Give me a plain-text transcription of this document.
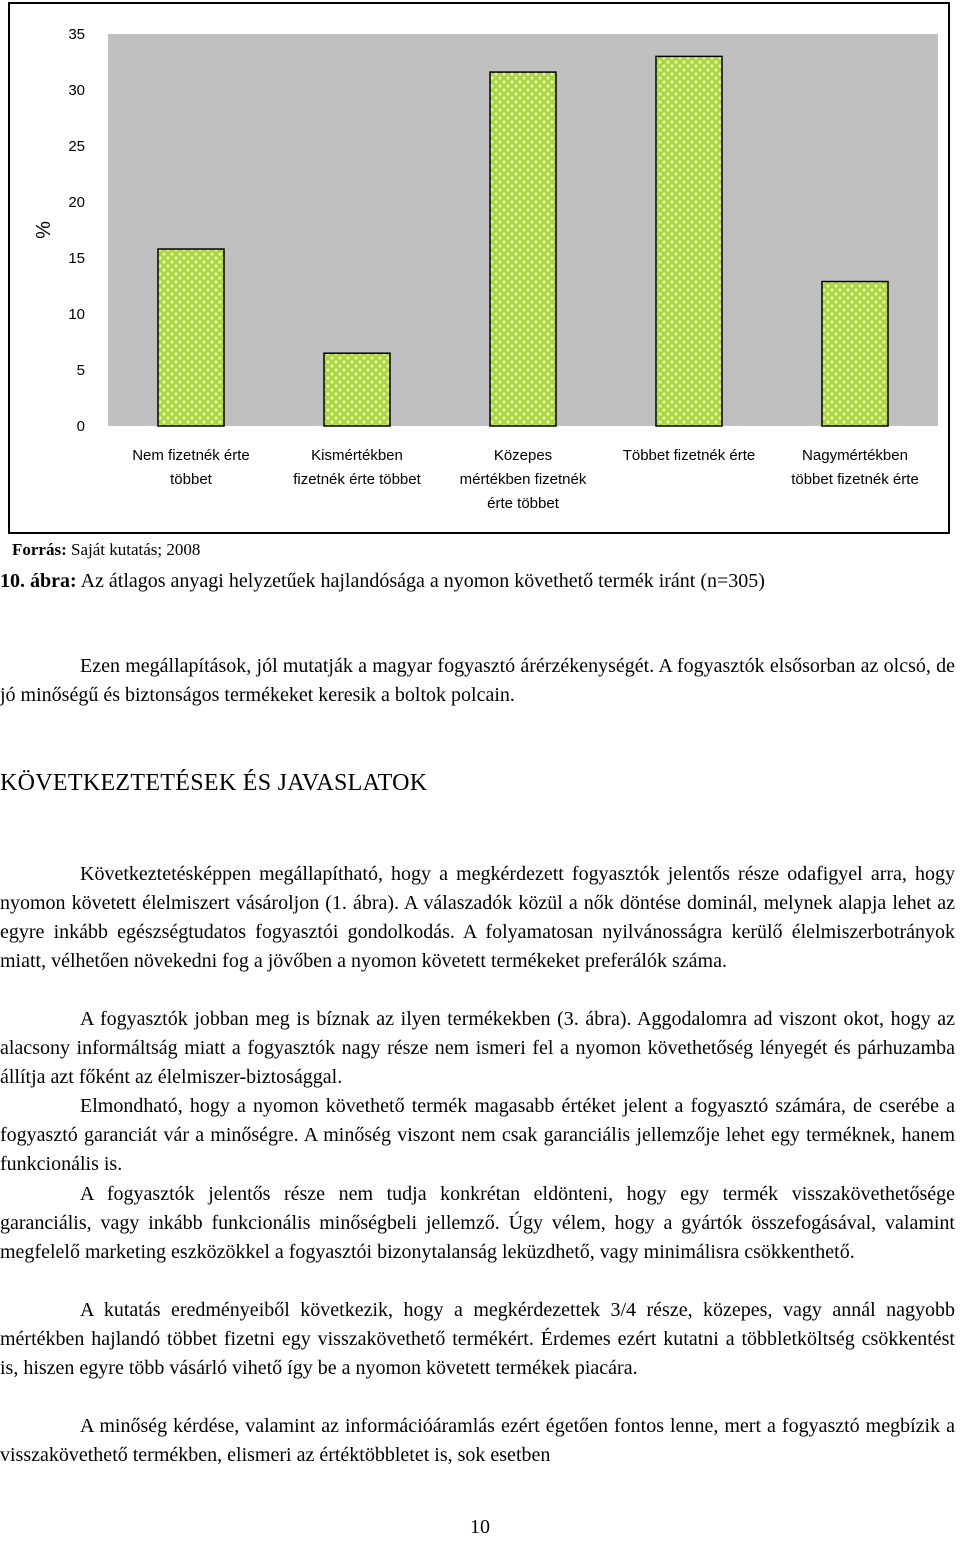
%
0
5
10
15
20
25
30
35
Nem fizetnék érte többet
Kismértékben fizetnék érte többet
Közepes mértékben fizetnék érte többet
Többet fizetnék érte	Nagymértékben többet fizetnék érte
Forrás: Saját kutatás; 2008
10. ábra: Az átlagos anyagi helyzetűek hajlandósága a nyomon követhető termék iránt (n=305)
Ezen megállapítások, jól mutatják a magyar fogyasztó árérzékenységét. A fogyasztók elsősorban az olcsó, de jó minőségű és biztonságos termékeket keresik a boltok polcain.
KÖVETKEZTETÉSEK ÉS JAVASLATOK
Következtetésképpen megállapítható, hogy a megkérdezett fogyasztók jelentős része odafigyel arra, hogy nyomon követett élelmiszert vásároljon (1. ábra). A válaszadók közül a nők döntése dominál, melynek alapja lehet az egyre inkább egészségtudatos fogyasztói gondolkodás. A folyamatosan nyilvánosságra kerülő élelmiszerbotrányok miatt, vélhetően növekedni fog a jövőben a nyomon követett termékeket preferálók száma.
A fogyasztók jobban meg is bíznak az ilyen termékekben (3. ábra). Aggodalomra ad viszont okot, hogy az alacsony informáltság miatt a fogyasztók nagy része nem ismeri fel a nyomon követhetőség lényegét és párhuzamba állítja azt főként az élelmiszer-biztosággal.
Elmondható, hogy a nyomon követhető termék magasabb értéket jelent a fogyasztó számára, de cserébe a fogyasztó garanciát vár a minőségre. A minőség viszont nem csak garanciális jellemzője lehet egy terméknek, hanem funkcionális is.
A fogyasztók jelentős része nem tudja konkrétan eldönteni, hogy egy termék visszakövethetősége garanciális, vagy inkább funkcionális minőségbeli jellemző. Úgy vélem, hogy a gyártók összefogásával, valamint megfelelő marketing eszközökkel a fogyasztói bizonytalanság leküzdhető, vagy minimálisra csökkenthető.
A kutatás eredményeiből következik, hogy a megkérdezettek 3/4 része, közepes, vagy annál nagyobb mértékben hajlandó többet fizetni egy visszakövethető termékért. Érdemes ezért kutatni a többletköltség csökkentést is, hiszen egyre több vásárló vihető így be a nyomon követett termékek piacára.
A minőség kérdése, valamint az információáramlás ezért égetően fontos lenne, mert a fogyasztó megbízik a visszakövethető termékben, elismeri az értéktöbbletet is, sok esetben
10
